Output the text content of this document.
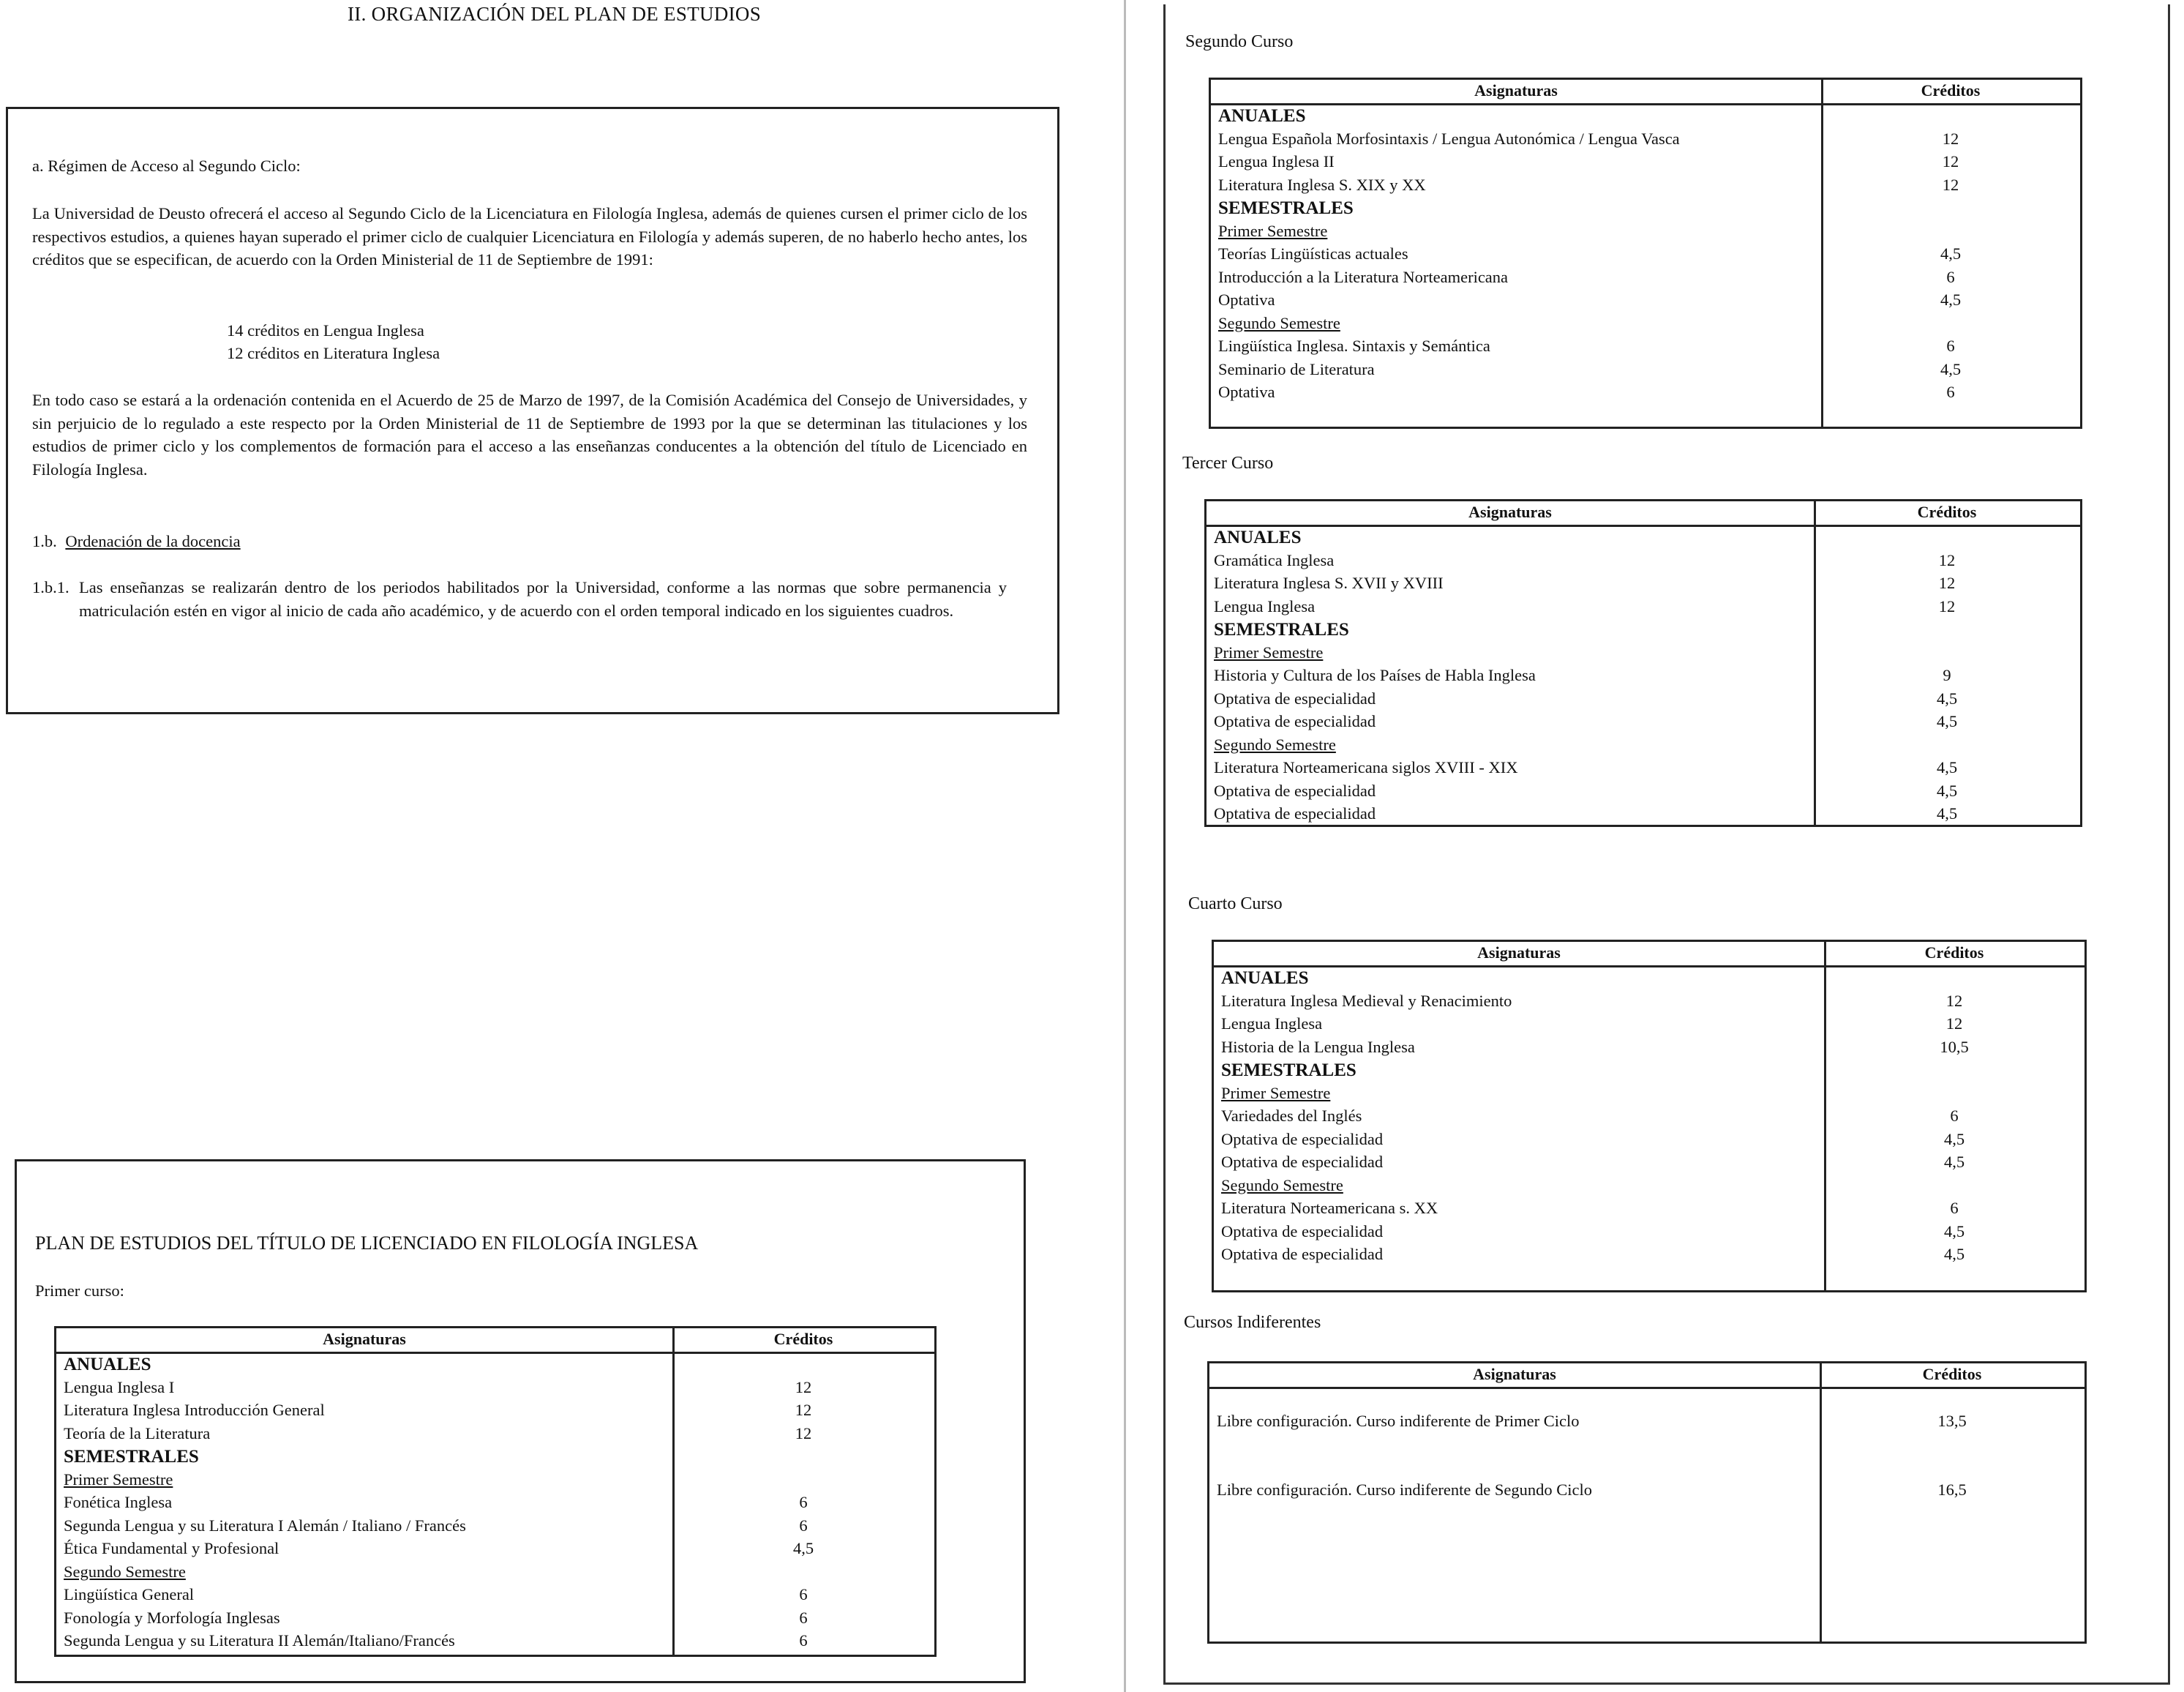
II. ORGANIZACIÓN DEL PLAN DE ESTUDIOS
a. Régimen de Acceso al Segundo Ciclo:
La Universidad de Deusto ofrecerá el acceso al Segundo Ciclo de la Licenciatura en Filología Inglesa, además de quienes cursen el primer ciclo de los respectivos estudios, a quienes hayan superado el primer ciclo de cualquier Licenciatura en Filología y además superen, de no haberlo hecho antes, los créditos que se especifican, de acuerdo con la Orden Ministerial de 11 de Septiembre de 1991:
14 créditos en Lengua Inglesa
12 créditos en Literatura Inglesa
En todo caso se estará a la ordenación contenida en el Acuerdo de 25 de Marzo de 1997, de la Comisión Académica del Consejo de Universidades, y sin perjuicio de lo regulado a este respecto por la Orden Ministerial de 11 de Septiembre de 1993 por la que se determinan las titulaciones y los estudios de primer ciclo y los complementos de formación para el acceso a las enseñanzas conducentes a la obtención del título de Licenciado en Filología Inglesa.
1.b. Ordenación de la docencia
1.b.1. Las enseñanzas se realizarán dentro de los periodos habilitados por la Universidad, conforme a las normas que sobre permanencia y matriculación estén en vigor al inicio de cada año académico, y de acuerdo con el orden temporal indicado en los siguientes cuadros.
PLAN DE ESTUDIOS DEL TÍTULO DE LICENCIADO EN FILOLOGÍA INGLESA
Primer curso:
Asignaturas	Créditos
ANUALES
Lengua Inglesa I	12
Literatura Inglesa Introducción General	12
Teoría de la Literatura	12
SEMESTRALES
Primer Semestre
Fonética Inglesa	6
Segunda Lengua y su Literatura I Alemán / Italiano / Francés	6
Ética Fundamental y Profesional	4,5
Segundo Semestre
Lingüística General	6
Fonología y Morfología Inglesas	6
Segunda Lengua y su Literatura II Alemán/Italiano/Francés	6
Segundo Curso
Asignaturas	Créditos
ANUALES
Lengua Española Morfosintaxis / Lengua Autonómica / Lengua Vasca	12
Lengua Inglesa II	12
Literatura Inglesa S. XIX y XX	12
SEMESTRALES
Primer Semestre
Teorías Lingüísticas actuales	4,5
Introducción a la Literatura Norteamericana	6
Optativa	4,5
Segundo Semestre
Lingüística Inglesa. Sintaxis y Semántica	6
Seminario de Literatura	4,5
Optativa	6
Tercer Curso
Asignaturas	Créditos
ANUALES
Gramática Inglesa	12
Literatura Inglesa S. XVII y XVIII	12
Lengua Inglesa	12
SEMESTRALES
Primer Semestre
Historia y Cultura de los Países de Habla Inglesa	9
Optativa de especialidad	4,5
Optativa de especialidad	4,5
Segundo Semestre
Literatura Norteamericana siglos XVIII - XIX	4,5
Optativa de especialidad	4,5
Optativa de especialidad	4,5
Cuarto Curso
Asignaturas	Créditos
ANUALES
Literatura Inglesa Medieval y Renacimiento	12
Lengua Inglesa	12
Historia de la Lengua Inglesa	10,5
SEMESTRALES
Primer Semestre
Variedades del Inglés	6
Optativa de especialidad	4,5
Optativa de especialidad	4,5
Segundo Semestre
Literatura Norteamericana s. XX	6
Optativa de especialidad	4,5
Optativa de especialidad	4,5
Cursos Indiferentes
Asignaturas	Créditos
Libre configuración. Curso indiferente de Primer Ciclo	13,5
Libre configuración. Curso indiferente de Segundo Ciclo	16,5
